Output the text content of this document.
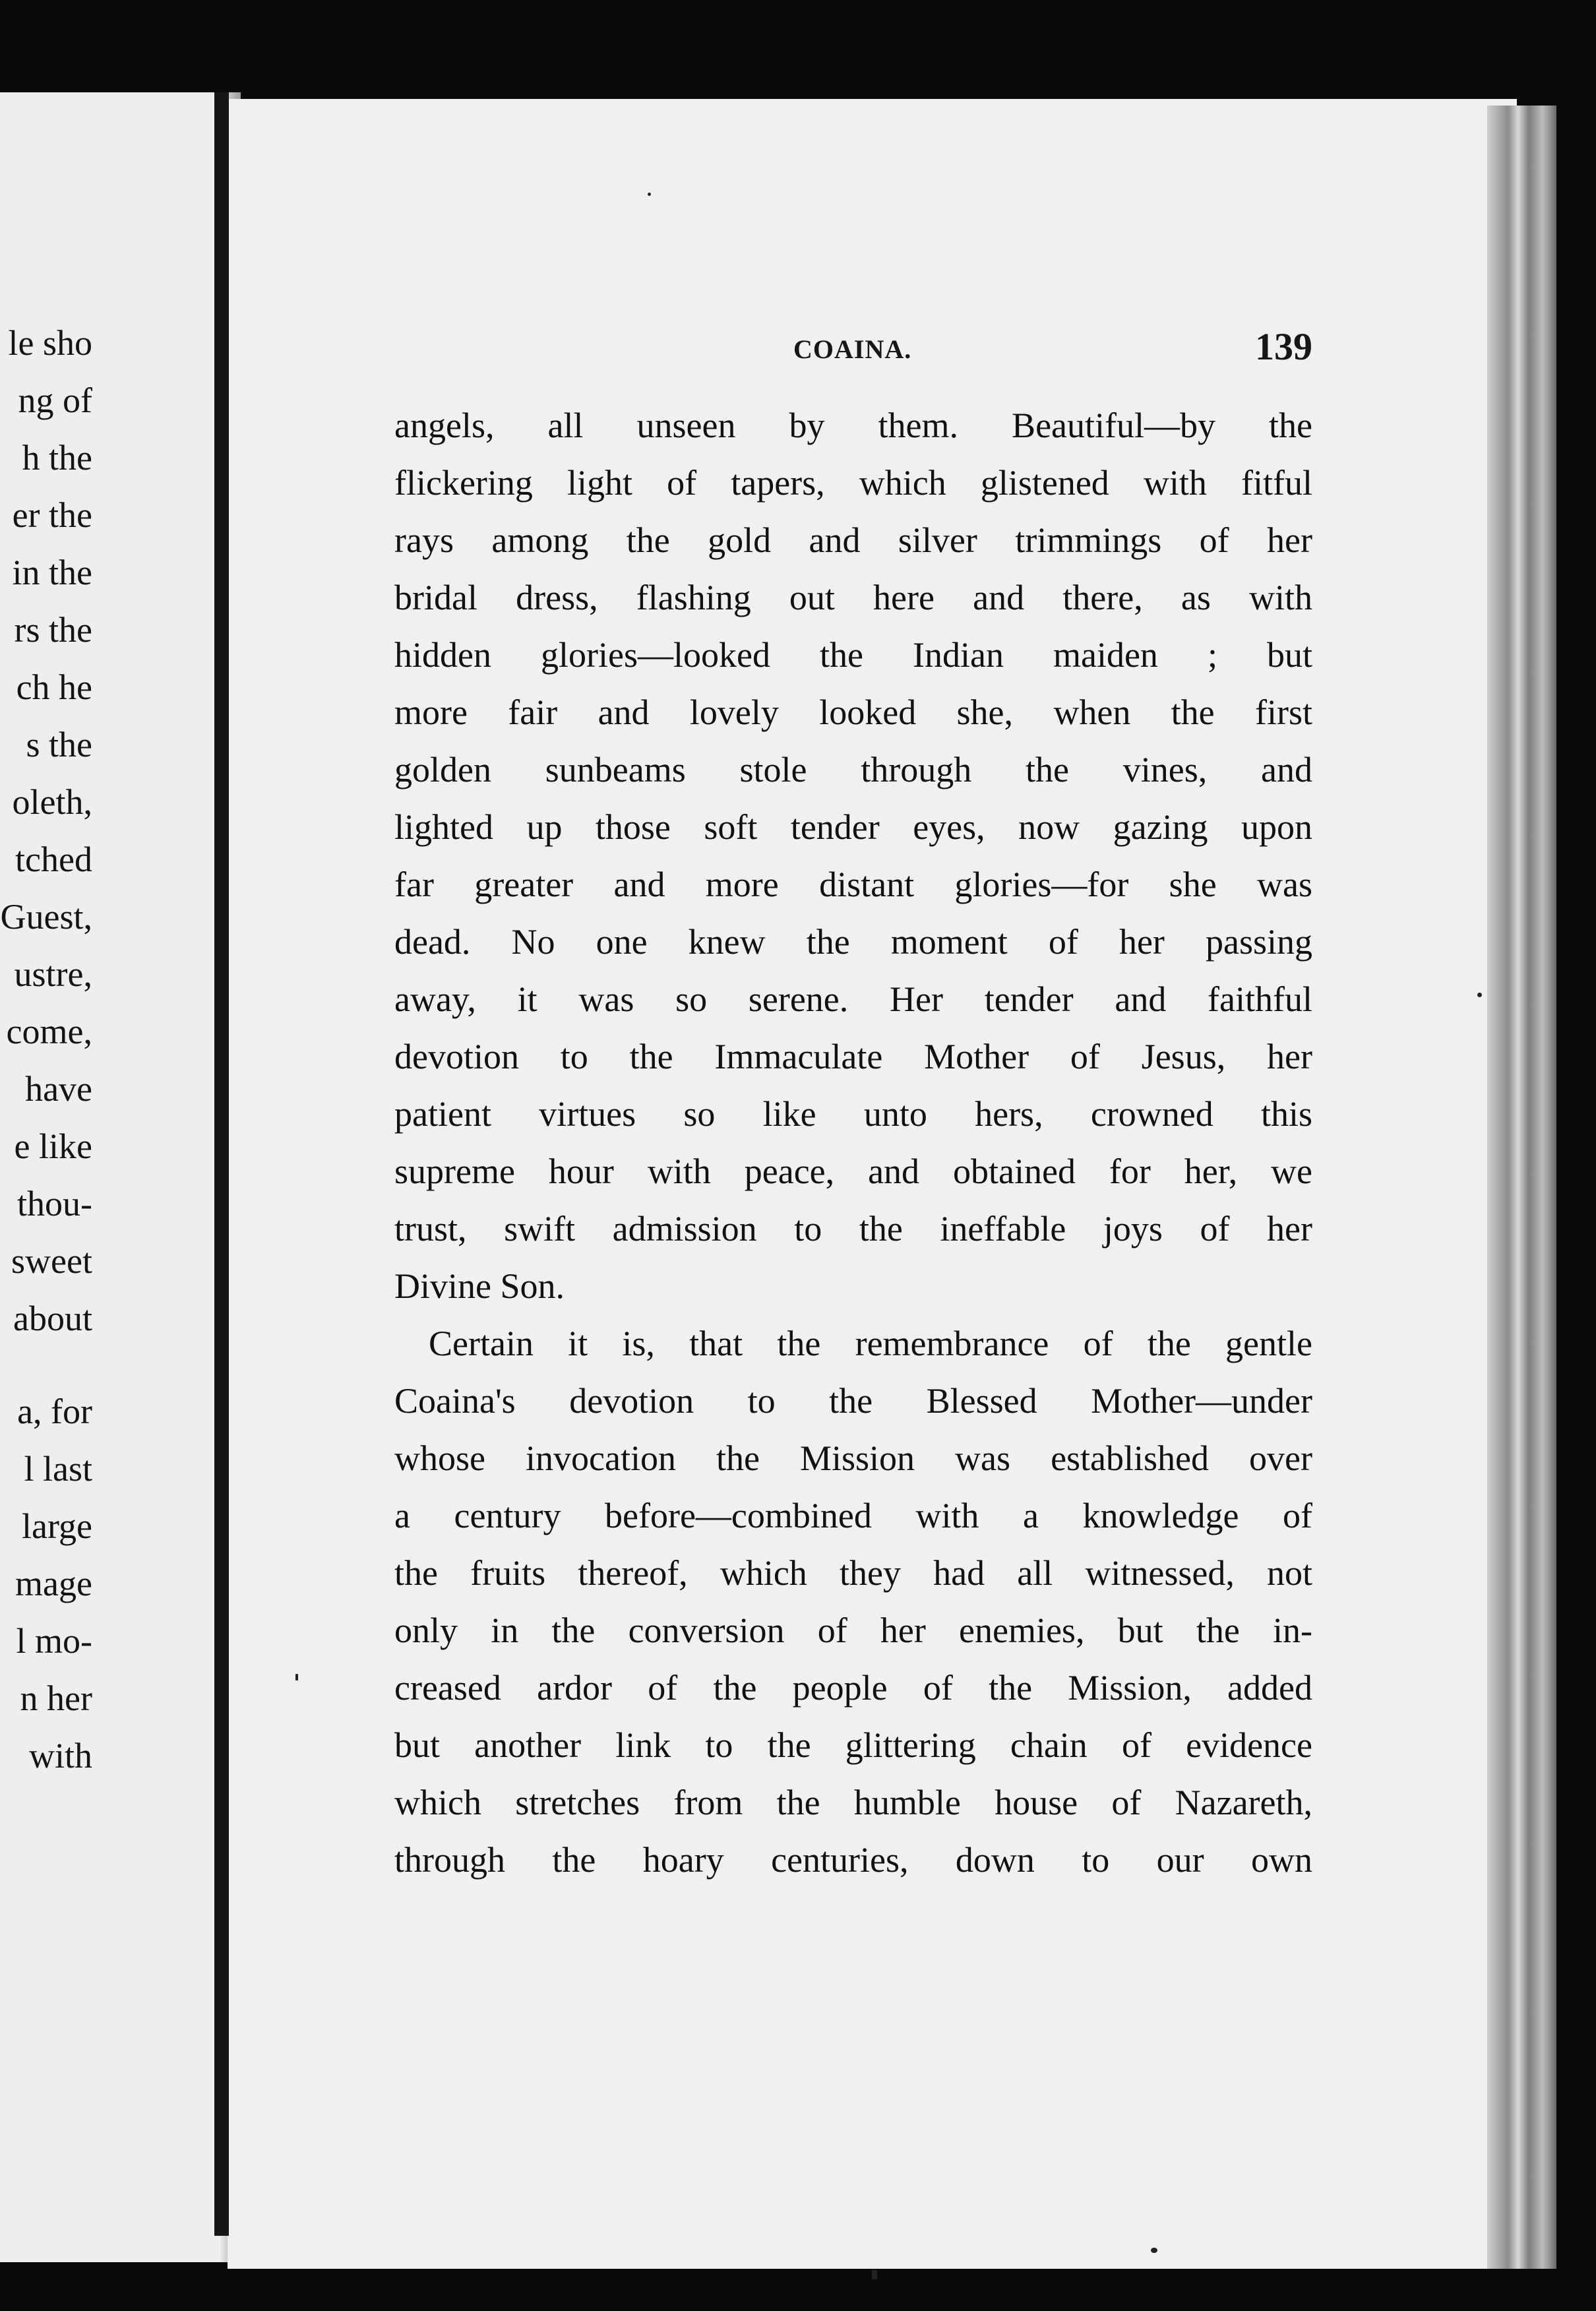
le sho
ng of
h the
er the
in the
rs the
ch he
s the
oleth,
tched
Guest,
ustre,
come,
have
e like
thou-
sweet
about
a, for
l last
large
mage
l mo-
n her
with
COAINA.	139
angels, all unseen by them. Beautiful—by the
flickering light of tapers, which glistened with fitful
rays among the gold and silver trimmings of her
bridal dress, flashing out here and there, as with
hidden glories—looked the Indian maiden ; but
more fair and lovely looked she, when the first
golden sunbeams stole through the vines, and
lighted up those soft tender eyes, now gazing upon
far greater and more distant glories—for she was
dead. No one knew the moment of her passing
away, it was so serene. Her tender and faithful
devotion to the Immaculate Mother of Jesus, her
patient virtues so like unto hers, crowned this
supreme hour with peace, and obtained for her, we
trust, swift admission to the ineffable joys of her
Divine Son.
Certain it is, that the remembrance of the gentle
Coaina's devotion to the Blessed Mother—under
whose invocation the Mission was established over
a century before—combined with a knowledge of
the fruits thereof, which they had all witnessed, not
only in the conversion of her enemies, but the in-
creased ardor of the people of the Mission, added
but another link to the glittering chain of evidence
which stretches from the humble house of Nazareth,
through the hoary centuries, down to our own
